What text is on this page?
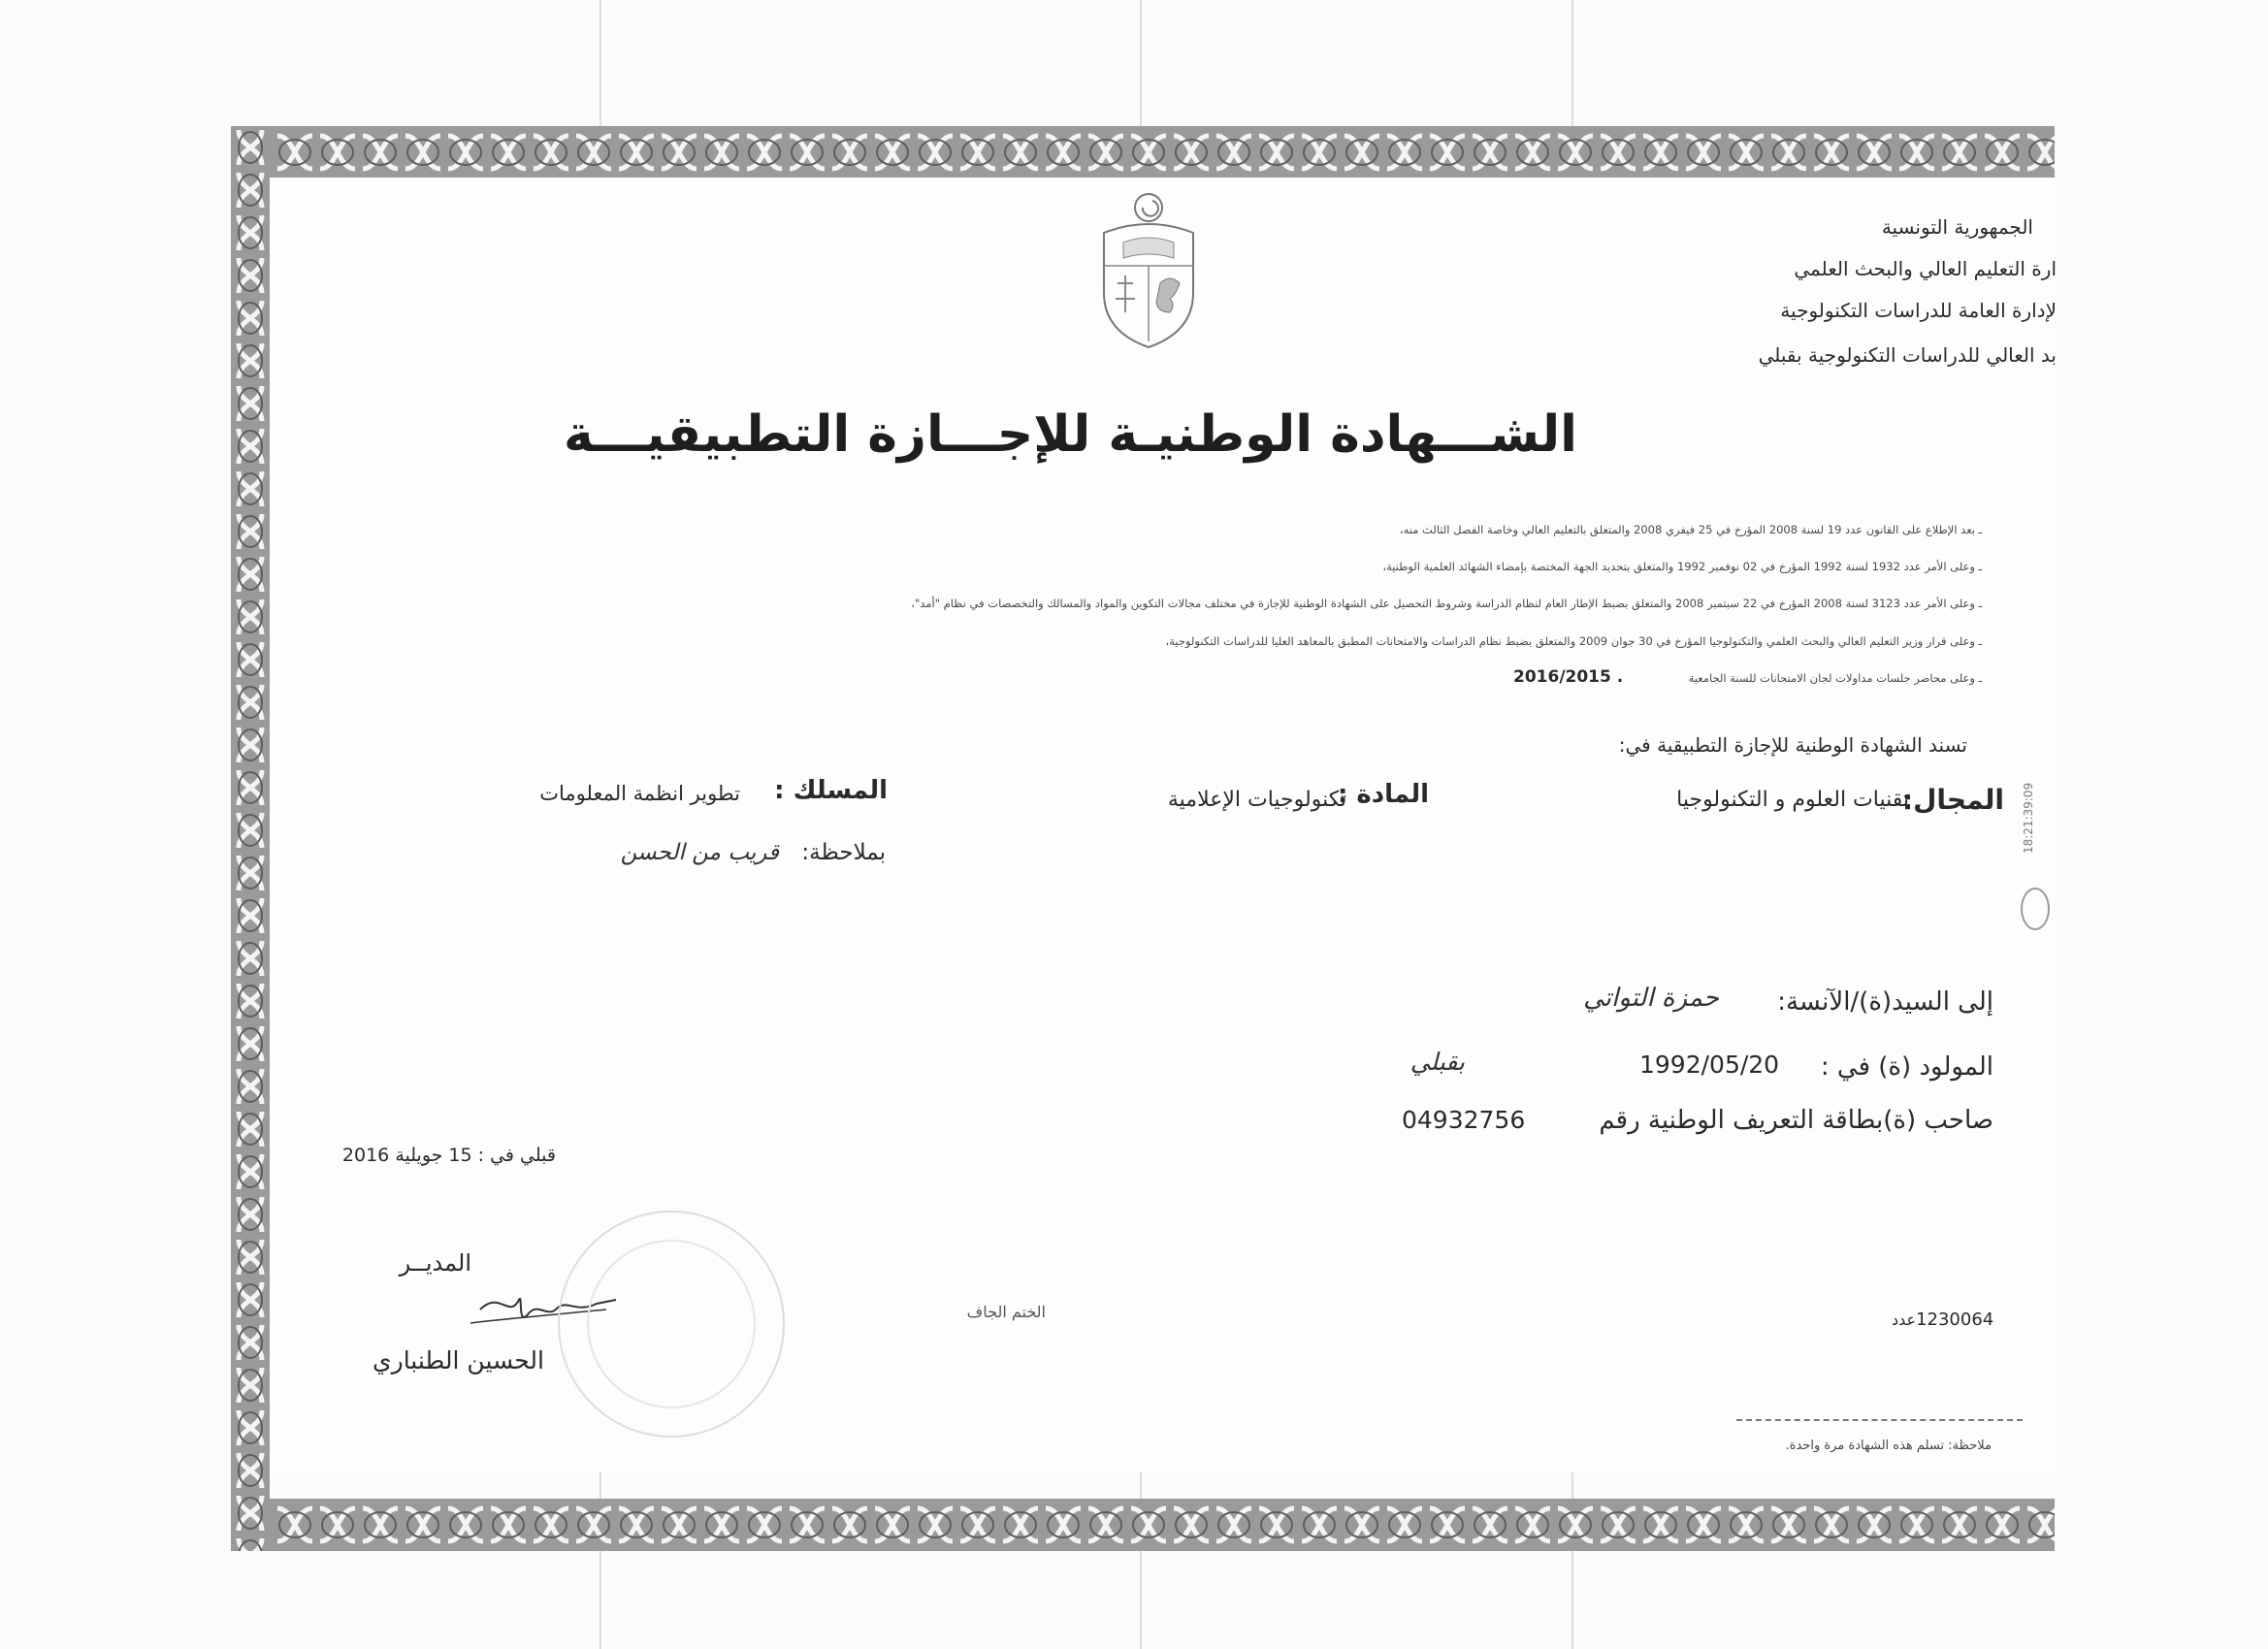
الجمهورية التونسية
ارة التعليم العالي والبحث العلمي
لإدارة العامة للدراسات التكنولوجية
بد العالي للدراسات التكنولوجية بقبلي
الشـــهادة الوطنيـة للإجـــازة التطبيقيـــة
ـ بعد الإطلاع على القانون عدد 19 لسنة 2008 المؤرخ في 25 فيفري 2008 والمتعلق بالتعليم العالي وخاصة الفصل الثالث منه،
ـ وعلى الأمر عدد 1932 لسنة 1992 المؤرخ في 02 نوفمبر 1992 والمتعلق بتحديد الجهة المختصة بإمضاء الشهائد العلمية الوطنية،
ـ وعلى الأمر عدد 3123 لسنة 2008 المؤرخ في 22 سبتمبر 2008 والمتعلق بضبط الإطار العام لنظام الدراسة وشروط التحصيل على الشهادة الوطنية للإجازة في مختلف مجالات التكوين والمواد والمسالك والتخصصات في نظام "أمد"،
ـ وعلى قرار وزير التعليم العالي والبحث العلمي والتكنولوجيا المؤرخ في 30 جوان 2009 والمتعلق بضبط نظام الدراسات والامتحانات المطبق بالمعاهد العليا للدراسات التكنولوجية،
ـ وعلى محاضر جلسات مداولات لجان الامتحانات للسنة الجامعية
2016/2015 .
تسند الشهادة الوطنية للإجازة التطبيقية في:
المجال:
تقنيات العلوم و التكنولوجيا
المادة :
تكنولوجيات الإعلامية
المسلك :
تطوير انظمة المعلومات
بملاحظة:
قريب من الحسن	18:21:39:09
إلى السيد(ة)/الآنسة:
حمزة التواتي
المولود (ة) في :
1992/05/20
بقبلي
صاحب (ة)بطاقة التعريف الوطنية رقم
04932756
قبلي في : 15 جويلية 2016
المديــر
الحسين الطنباري
الختم الجاف	1230064عدد
ملاحظة: تسلم هذه الشهادة مرة واحدة.
